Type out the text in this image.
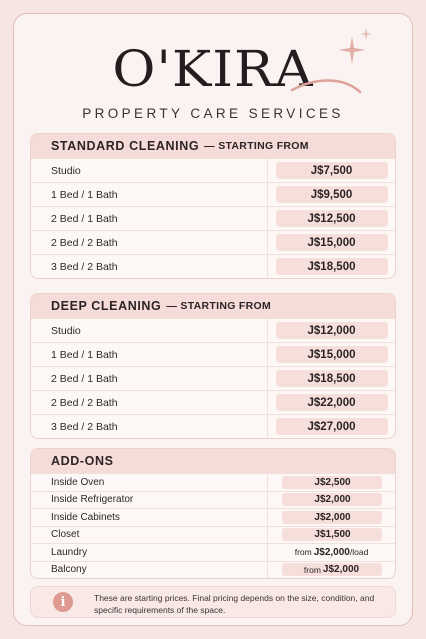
O'KIRA
PROPERTY CARE SERVICES
STANDARD CLEANING — STARTING FROM
Studio	J$7,500
1 Bed / 1 Bath	J$9,500
2 Bed / 1 Bath	J$12,500
2 Bed / 2 Bath	J$15,000
3 Bed / 2 Bath	J$18,500
DEEP CLEANING — STARTING FROM
Studio	J$12,000
1 Bed / 1 Bath	J$15,000
2 Bed / 1 Bath	J$18,500
2 Bed / 2 Bath	J$22,000
3 Bed / 2 Bath	J$27,000
ADD-ONS
Inside Oven	J$2,500
Inside Refrigerator	J$2,000
Inside Cabinets	J$2,000
Closet	J$1,500
Laundry	from J$2,000 /load
Balcony	from J$2,000
i	These are starting prices. Final pricing depends on the size, condition, and specific requirements of the space.
